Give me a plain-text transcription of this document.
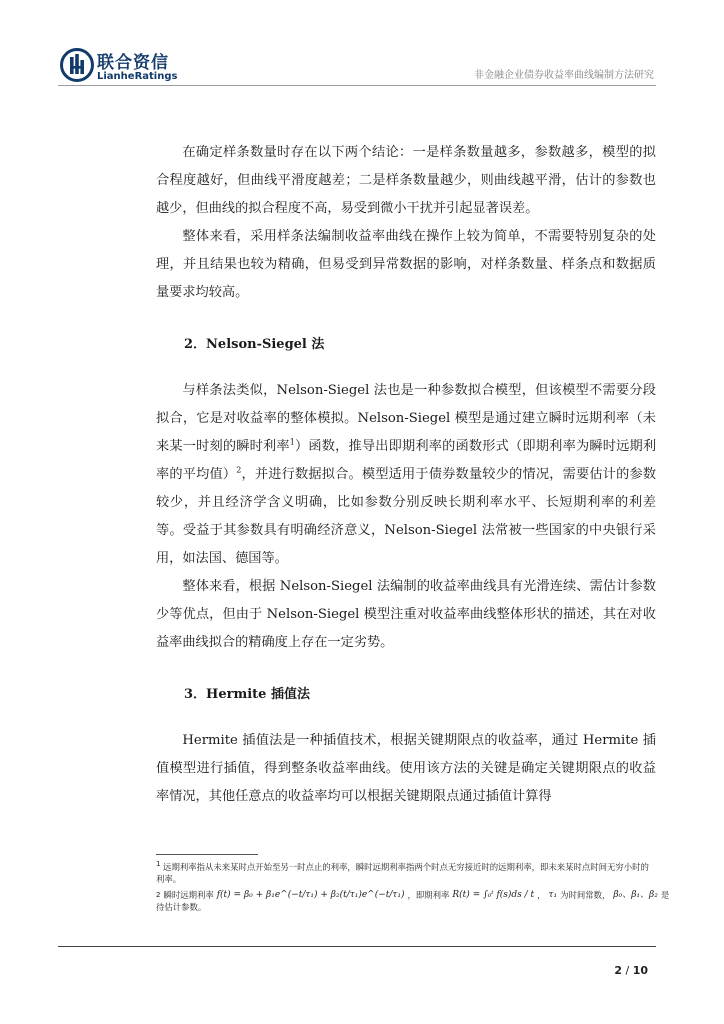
联合资信
LianheRatings	非金融企业债券收益率曲线编制方法研究

在确定样条数量时存在以下两个结论：一是样条数量越多，参数越多，模型的拟合程度越好，但曲线平滑度越差；二是样条数量越少，则曲线越平滑，估计的参数也越少，但曲线的拟合程度不高，易受到微小干扰并引起显著误差。

整体来看，采用样条法编制收益率曲线在操作上较为简单，不需要特别复杂的处理，并且结果也较为精确，但易受到异常数据的影响，对样条数量、样条点和数据质量要求均较高。

2．Nelson-Siegel 法

与样条法类似，Nelson-Siegel 法也是一种参数拟合模型，但该模型不需要分段拟合，它是对收益率的整体模拟。Nelson-Siegel 模型是通过建立瞬时远期利率（未来某一时刻的瞬时利率$^1$）函数，推导出即期利率的函数形式（即期利率为瞬时远期利率的平均值）$^2$，并进行数据拟合。模型适用于债券数量较少的情况，需要估计的参数较少，并且经济学含义明确，比如参数分别反映长期利率水平、长短期利率的利差等。受益于其参数具有明确经济意义，Nelson-Siegel 法常被一些国家的中央银行采用，如法国、德国等。

整体来看，根据 Nelson-Siegel 法编制的收益率曲线具有光滑连续、需估计参数少等优点，但由于 Nelson-Siegel 模型注重对收益率曲线整体形状的描述，其在对收益率曲线拟合的精确度上存在一定劣势。

3．Hermite 插值法

Hermite 插值法是一种插值技术，根据关键期限点的收益率，通过 Hermite 插值模型进行插值，得到整条收益率曲线。使用该方法的关键是确定关键期限点的收益率情况，其他任意点的收益率均可以根据关键期限点通过插值计算得

$^1$ 远期利率指从未来某时点开始至另一时点止的利率，瞬时远期利率指两个时点无穷接近时的远期利率，即未来某时点时间无穷小时的利率。

2 瞬时远期利率 f(t) = β₀ + β₁e^(−t/τ₁) + β₂(t/τ₁)e^(−t/τ₁) ，即期利率 R(t) = ∫₀ᵗ f(s)ds / t ， τ₁ 为时间常数， β₀、β₁、β₂ 是
待估计参数。
2 / 10
